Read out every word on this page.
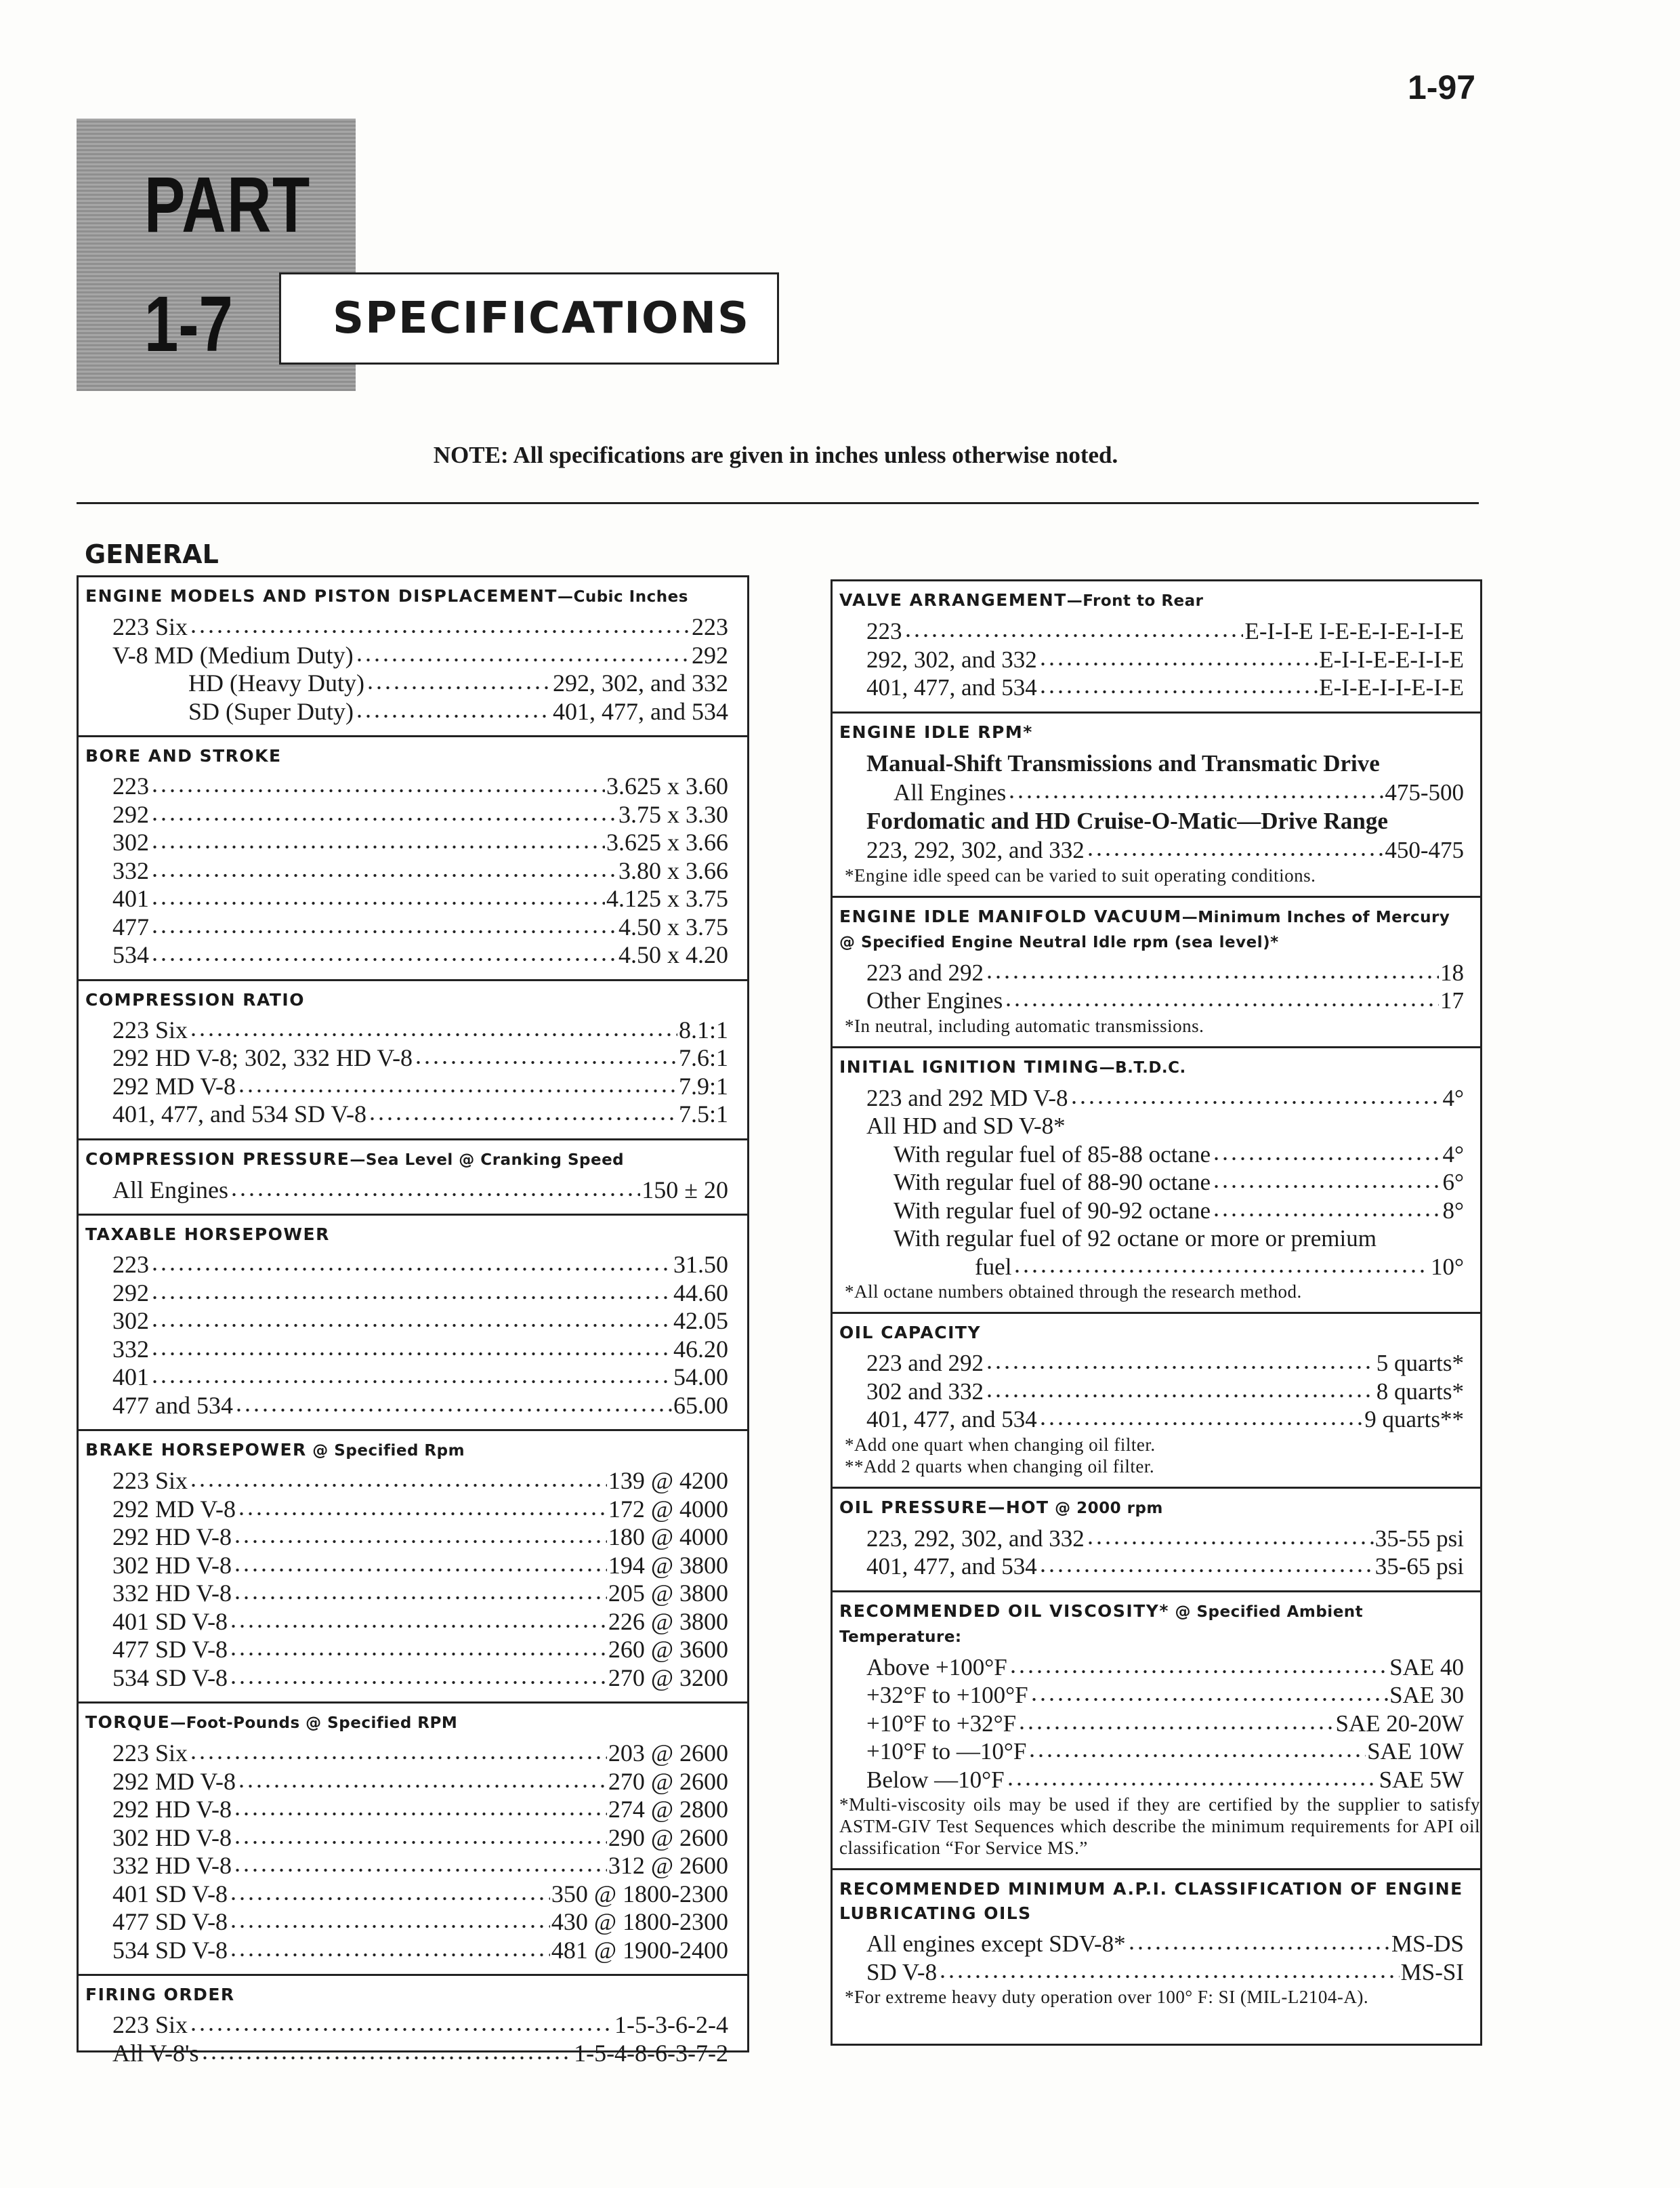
1-97
PART
1-7 SPECIFICATIONS
NOTE: All specifications are given in inches unless otherwise noted.
GENERAL
ENGINE MODELS AND PISTON DISPLACEMENT—Cubic Inches
223 Six	223
V-8 MD (Medium Duty)	292
HD (Heavy Duty)	292, 302, and 332
SD (Super Duty)	401, 477, and 534
BORE AND STROKE
223	3.625 x 3.60
292	3.75 x 3.30
302	3.625 x 3.66
332	3.80 x 3.66
401	4.125 x 3.75
477	4.50 x 3.75
534	4.50 x 4.20
COMPRESSION RATIO
223 Six	8.1:1
292 HD V-8; 302, 332 HD V-8	7.6:1
292 MD V-8	7.9:1
401, 477, and 534 SD V-8	7.5:1
COMPRESSION PRESSURE—Sea Level @ Cranking Speed
All Engines	150 ± 20
TAXABLE HORSEPOWER
223	31.50
292	44.60
302	42.05
332	46.20
401	54.00
477 and 534	65.00
BRAKE HORSEPOWER @ Specified Rpm
223 Six	139 @ 4200
292 MD V-8	172 @ 4000
292 HD V-8	180 @ 4000
302 HD V-8	194 @ 3800
332 HD V-8	205 @ 3800
401 SD V-8	226 @ 3800
477 SD V-8	260 @ 3600
534 SD V-8	270 @ 3200
TORQUE—Foot-Pounds @ Specified RPM
223 Six	203 @ 2600
292 MD V-8	270 @ 2600
292 HD V-8	274 @ 2800
302 HD V-8	290 @ 2600
332 HD V-8	312 @ 2600
401 SD V-8	350 @ 1800-2300
477 SD V-8	430 @ 1800-2300
534 SD V-8	481 @ 1900-2400
FIRING ORDER
223 Six	1-5-3-6-2-4
All V-8's	1-5-4-8-6-3-7-2
VALVE ARRANGEMENT—Front to Rear
223	E-I-I-E I-E-E-I-E-I-I-E
292, 302, and 332	E-I-I-E-E-I-I-E
401, 477, and 534	E-I-E-I-I-E-I-E
ENGINE IDLE RPM*
Manual-Shift Transmissions and Transmatic Drive
All Engines	475-500
Fordomatic and HD Cruise-O-Matic—Drive Range
223, 292, 302, and 332	450-475
*Engine idle speed can be varied to suit operating conditions.
ENGINE IDLE MANIFOLD VACUUM—Minimum Inches of Mercury @ Specified Engine Neutral Idle rpm (sea level)*
223 and 292	18
Other Engines	17
*In neutral, including automatic transmissions.
INITIAL IGNITION TIMING—B.T.D.C.
223 and 292 MD V-8	4°
All HD and SD V-8*
With regular fuel of 85-88 octane	4°
With regular fuel of 88-90 octane	6°
With regular fuel of 90-92 octane	8°
With regular fuel of 92 octane or more or premium
fuel	10°
*All octane numbers obtained through the research method.
OIL CAPACITY
223 and 292	5 quarts*
302 and 332	8 quarts*
401, 477, and 534	9 quarts**
*Add one quart when changing oil filter.
**Add 2 quarts when changing oil filter.
OIL PRESSURE—HOT @ 2000 rpm
223, 292, 302, and 332	35-55 psi
401, 477, and 534	35-65 psi
RECOMMENDED OIL VISCOSITY* @ Specified Ambient Temperature:
Above +100°F	SAE 40
+32°F to +100°F	SAE 30
+10°F to +32°F	SAE 20-20W
+10°F to —10°F	SAE 10W
Below —10°F	SAE 5W
*Multi-viscosity oils may be used if they are certified by the supplier to satisfy ASTM-GIV Test Sequences which describe the minimum requirements for API oil classification “For Service MS.”
RECOMMENDED MINIMUM A.P.I. CLASSIFICATION OF ENGINE LUBRICATING OILS
All engines except SDV-8*	MS-DS
SD V-8	MS-SI
*For extreme heavy duty operation over 100° F: SI (MIL-L2104-A).
